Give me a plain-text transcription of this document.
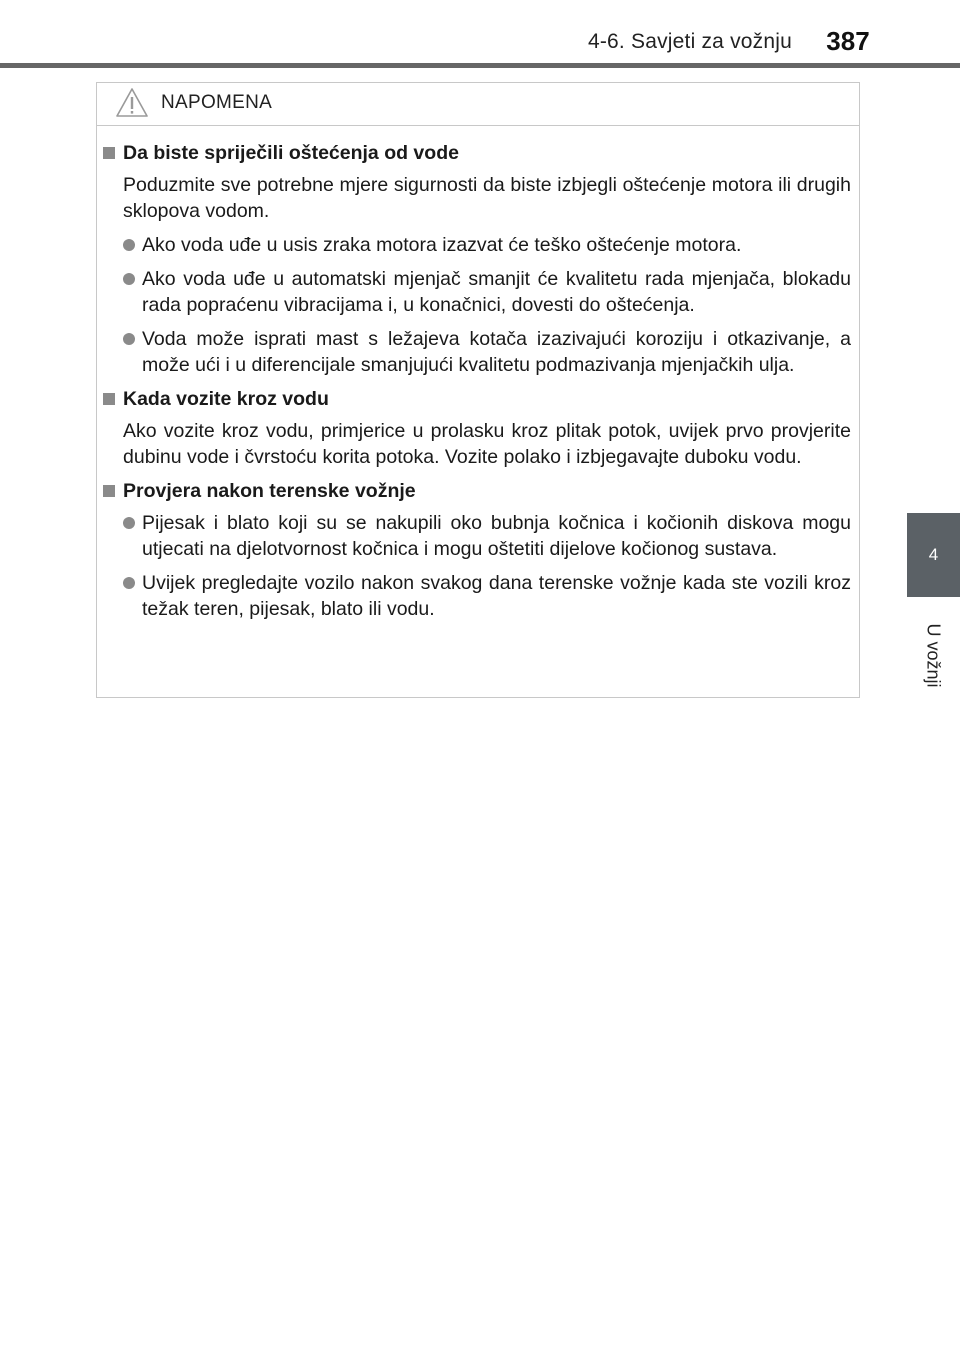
4-6. Savjeti za vožnju	387
4
U vožnji
NAPOMENA
Da biste spriječili oštećenja od vode
Poduzmite sve potrebne mjere sigurnosti da biste izbjegli oštećenje motora ili drugih sklopova vodom.
Ako voda uđe u usis zraka motora izazvat će teško oštećenje motora.
Ako voda uđe u automatski mjenjač smanjit će kvalitetu rada mjenjača, blokadu rada popraćenu vibracijama i, u konačnici, dovesti do oštećenja.
Voda može isprati mast s ležajeva kotača izazivajući koroziju i otkazivanje, a može ući i u diferencijale smanjujući kvalitetu podmazivanja mjenjačkih ulja.
Kada vozite kroz vodu
Ako vozite kroz vodu, primjerice u prolasku kroz plitak potok, uvijek prvo provjerite dubinu vode i čvrstoću korita potoka. Vozite polako i izbjegavajte duboku vodu.
Provjera nakon terenske vožnje
Pijesak i blato koji su se nakupili oko bubnja kočnica i kočionih diskova mogu utjecati na djelotvornost kočnica i mogu oštetiti dijelove kočionog sustava.
Uvijek pregledajte vozilo nakon svakog dana terenske vožnje kada ste vozili kroz težak teren, pijesak, blato ili vodu.
